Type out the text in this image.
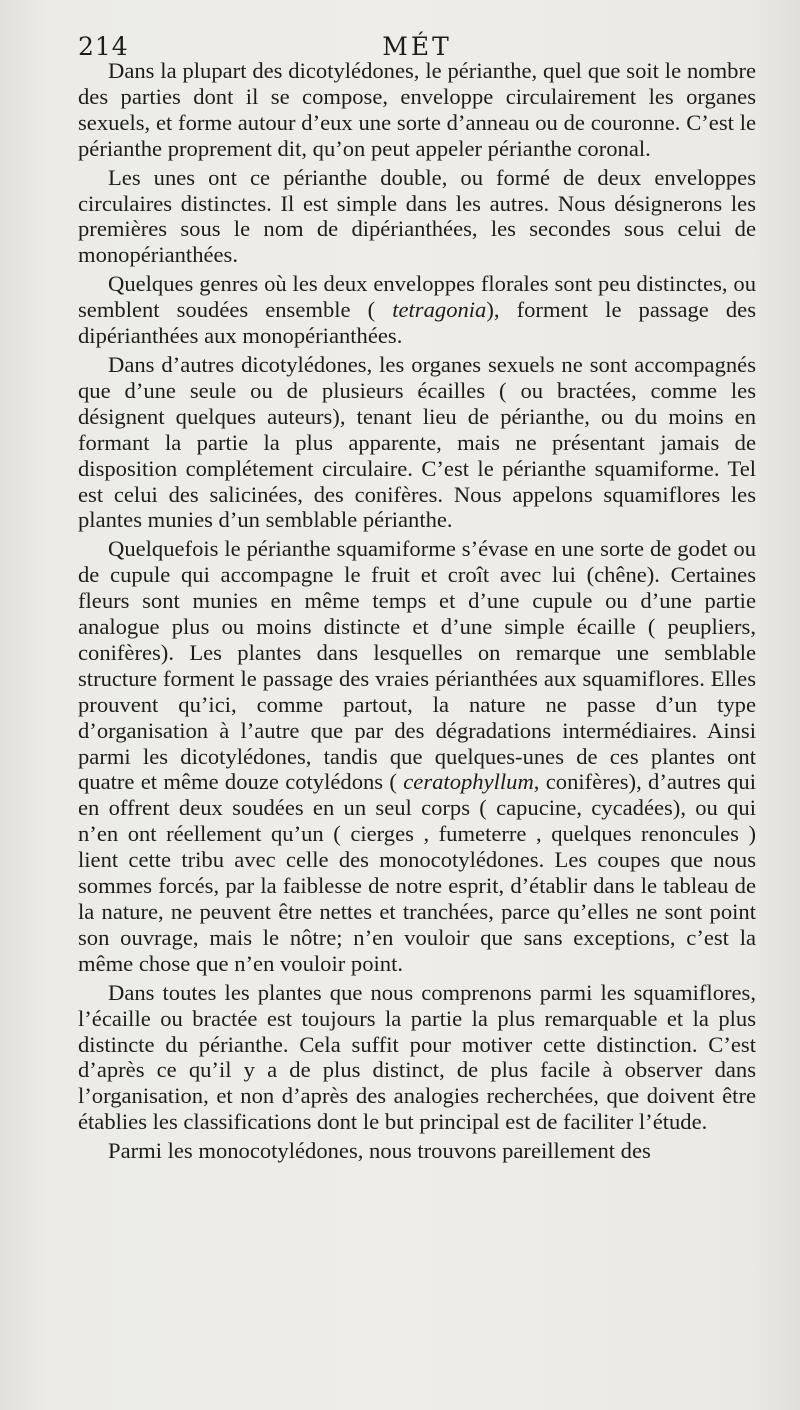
214	MÉT

Dans la plupart des dicotylédones, le périanthe, quel que soit le nombre des parties dont il se compose, enveloppe circulairement les organes sexuels, et forme autour d’eux une sorte d’anneau ou de couronne. C’est le périanthe proprement dit, qu’on peut appeler périanthe coronal.

Les unes ont ce périanthe double, ou formé de deux enveloppes circulaires distinctes. Il est simple dans les autres. Nous désignerons les premières sous le nom de dipérianthées, les secondes sous celui de monopérianthées.

Quelques genres où les deux enveloppes florales sont peu distinctes, ou semblent soudées ensemble ( tetragonia), forment le passage des dipérianthées aux monopérianthées.

Dans d’autres dicotylédones, les organes sexuels ne sont accompagnés que d’une seule ou de plusieurs écailles ( ou bractées, comme les désignent quelques auteurs), tenant lieu de périanthe, ou du moins en formant la partie la plus apparente, mais ne présentant jamais de disposition complétement circulaire. C’est le périanthe squamiforme. Tel est celui des salicinées, des conifères. Nous appelons squamiflores les plantes munies d’un semblable périanthe.

Quelquefois le périanthe squamiforme s’évase en une sorte de godet ou de cupule qui accompagne le fruit et croît avec lui (chêne). Certaines fleurs sont munies en même temps et d’une cupule ou d’une partie analogue plus ou moins distincte et d’une simple écaille ( peupliers, conifères). Les plantes dans lesquelles on remarque une semblable structure forment le passage des vraies périanthées aux squamiflores. Elles prouvent qu’ici, comme partout, la nature ne passe d’un type d’organisation à l’autre que par des dégradations intermédiaires. Ainsi parmi les dicotylédones, tandis que quelques-unes de ces plantes ont quatre et même douze cotylédons ( ceratophyllum, conifères), d’autres qui en offrent deux soudées en un seul corps ( capucine, cycadées), ou qui n’en ont réellement qu’un ( cierges , fumeterre , quelques renoncules ) lient cette tribu avec celle des monocotylédones. Les coupes que nous sommes forcés, par la faiblesse de notre esprit, d’établir dans le tableau de la nature, ne peuvent être nettes et tranchées, parce qu’elles ne sont point son ouvrage, mais le nôtre; n’en vouloir que sans exceptions, c’est la même chose que n’en vouloir point.

Dans toutes les plantes que nous comprenons parmi les squamiflores, l’écaille ou bractée est toujours la partie la plus remarquable et la plus distincte du périanthe. Cela suffit pour motiver cette distinction. C’est d’après ce qu’il y a de plus distinct, de plus facile à observer dans l’organisation, et non d’après des analogies recherchées, que doivent être établies les classifications dont le but principal est de faciliter l’étude.

Parmi les monocotylédones, nous trouvons pareillement des
